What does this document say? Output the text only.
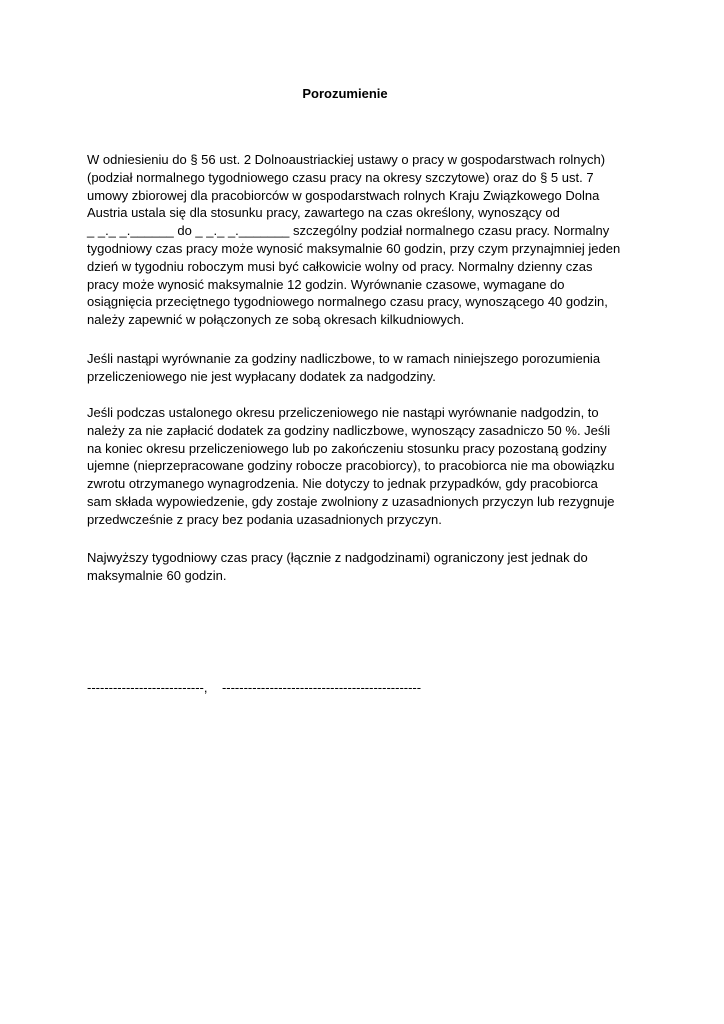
Porozumienie
W odniesieniu do § 56 ust. 2 Dolnoaustriackiej ustawy o pracy w gospodarstwach rolnych)
(podział normalnego tygodniowego czasu pracy na okresy szczytowe) oraz do § 5 ust. 7
umowy zbiorowej dla pracobiorców w gospodarstwach rolnych Kraju Związkowego Dolna
Austria ustala się dla stosunku pracy, zawartego na czas określony, wynoszący od
_ _._ _.______ do _ _._ _._______ szczególny podział normalnego czasu pracy. Normalny
tygodniowy czas pracy może wynosić maksymalnie 60 godzin, przy czym przynajmniej jeden
dzień w tygodniu roboczym musi być całkowicie wolny od pracy. Normalny dzienny czas
pracy może wynosić maksymalnie 12 godzin. Wyrównanie czasowe, wymagane do
osiągnięcia przeciętnego tygodniowego normalnego czasu pracy, wynoszącego 40 godzin,
należy zapewnić w połączonych ze sobą okresach kilkudniowych.
Jeśli nastąpi wyrównanie za godziny nadliczbowe, to w ramach niniejszego porozumienia
przeliczeniowego nie jest wypłacany dodatek za nadgodziny.
Jeśli podczas ustalonego okresu przeliczeniowego nie nastąpi wyrównanie nadgodzin, to
należy za nie zapłacić dodatek za godziny nadliczbowe, wynoszący zasadniczo 50 %. Jeśli
na koniec okresu przeliczeniowego lub po zakończeniu stosunku pracy pozostaną godziny
ujemne (nieprzepracowane godziny robocze pracobiorcy), to pracobiorca nie ma obowiązku
zwrotu otrzymanego wynagrodzenia. Nie dotyczy to jednak przypadków, gdy pracobiorca
sam składa wypowiedzenie, gdy zostaje zwolniony z uzasadnionych przyczyn lub rezygnuje
przedwcześnie z pracy bez podania uzasadnionych przyczyn.
Najwyższy tygodniowy czas pracy (łącznie z nadgodzinami) ograniczony jest jednak do
maksymalnie 60 godzin.
---------------------------,    ----------------------------------------------
